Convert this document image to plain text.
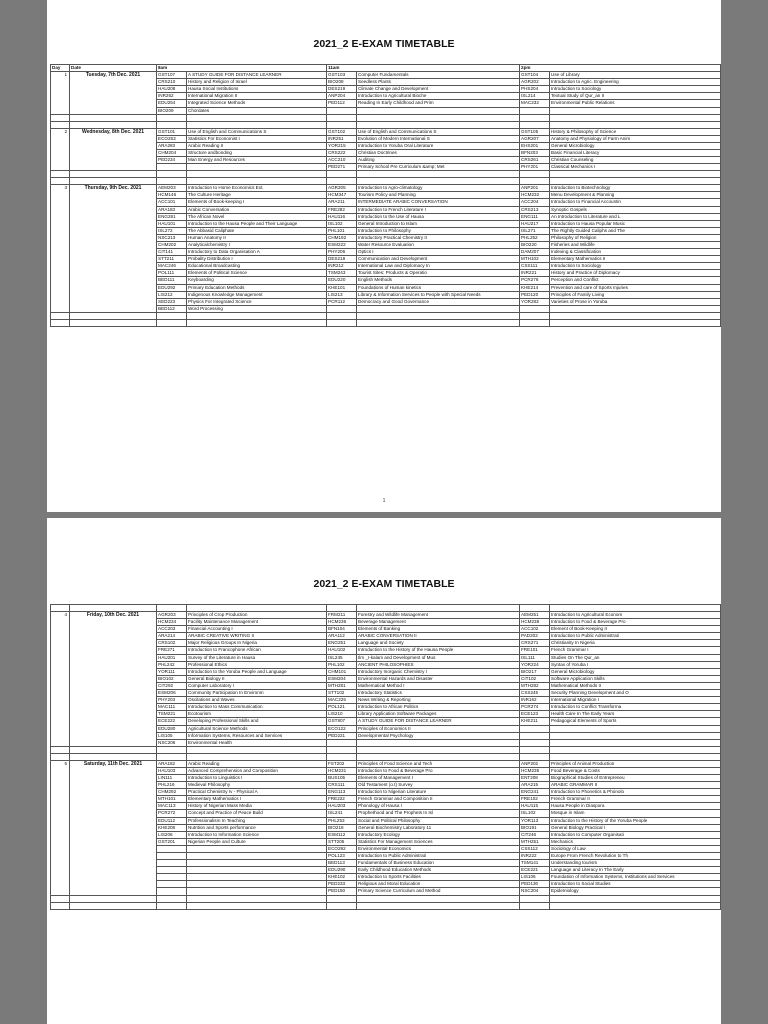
2021_2 E-EXAM TIMETABLE
Day	Date	8am		11am		2pm	
1	Tuesday, 7th Dec. 2021	GST107	A STUDY GUIDE FOR DISTANCE LEARNER	GST103	Computer Fundamentals	GST104	Use of Library
		CRS210	History and Religion of Israel	BIO208	Seedless Plants	AGR202	Introduction to Agric. Engineering
		HAU208	Hausa Social Institutions	DES219	Climate Change and Development	PHS204	Introduction to Sociology
		INR262	International Migration II	ANP204	Introduction to Agricultural Bioche	ISL214	Textual Study of Qur_an II
		EDU254	Integrated Science Methods	PED112	Reading In Early Childhood and Prim	MAC232	Environmental Public Relations
		BIO209	Chordates				

2	Wednesday, 8th Dec. 2021	GST101	Use of English and Communications S	GST102	Use of English and Communications S	GST105	History & Philosophy of Science
		ECO253	Statistics For Economist I	INR251	Evolution of Modern International S	AGR207	Anatomy and Physiology of Farm Anim
		ARA283	Arabic Reading II	YOR215	Introduction to Yoruba Oral Literature	EHS201	General Microbiology
		CHM204	Structure andbonding	CRS222	Christian Doctrines	BFN203	Basic Financial Literacy
		PED234	Man Energy and Resources	ACC210	Auditing	CRS261	Christian Counseling
				PED271	Primary School Pre Curriculum &amp; Met	PHY201	Classical Mechanics I

3	Thursday, 9th Dec. 2021	AEM203	Introduction to Home Economics Ext.	AGR205	Introduction to Agro-climatology	ANP201	Introduction to Biotechnology
		HCM146	The Culture Heritage	HCM347	Tourism Policy and Planning	HCM232	Menu Development & Planning
		ACC101	Elements of Book-keeping I	ARA211	INTERMEDIATE ARABIC CONVERSATION	ACC204	Introduction to Financial Accountin
		ARA183	Arabic Conversation	FRE282	Introduction to French Literature I	CRS213	Synoptic Gospels
		ENG281	The African Novel	HAU116	Introduction to the Use of Hausa	ENG111	An Introduction to Literature and L
		HAU101	Introduction to the Hausa People and Their Language	ISL102	General Introduction to Islam	HAU217	Introduction to Hausa Popular Music
		ISL272	The Abbasid Caliphate	PHL101	Introduction to Philosophy	ISL271	The Rightly Guided Caliphs and The
		NSC213	Human Anatomy II	CHM192	Introductory Practical Chemistry II	PHL252	Philosophy of Religion
		CHM202	Analyticalchemistry I	ESM222	Water Resource Evaluation	BIO220	Fisheries and Wildlife
		CIT141	Introductory to Data Organisation A	PHY206	Optics I	DAM207	Indexing & Classification
		STT211	Probality Distribution I	DES218	Communication and Development	MTH102	Elementary Mathematics II
		MAC246	Educational Broadcasting	INR212	International Law and Diplomacy In	CSS111	Introduction to Sociology
		POL111	Elements of Political Science	TSM243	Tourist Sites: Products & Operatio	INR221	History and Practice of Diplomacy
		BED111	Keyboarding	EDU220	English Methods	PCR276	Perception and Conflict
		EDU292	Primary Education Methods	KHE101	Foundations of Human kinetics	KHE214	Prevention and care of Sports Injuries
		LIS212	Indigenous Knowledge Management	LIS213	Library & Information Services to People with Special Needs	PED120	Principles of Family Living
		SED223	Physics For Integrated Science	PCR112	Democracy and Good Governance	YOR282	Varieties of Prose in Yoruba
		BED112	Word Processing				

1
2021_2 E-EXAM TIMETABLE

4	Friday, 10th Dec. 2021	AGR203	Principles of Crop Production	FRM211	Forestry and Wildlife Management	AEM251	Introduction to Agricultural Econom
		HCM234	Facility Maintenance Management	HCM236	Beverage Management	HCM238	Introduction to Food & Beverage Pro
		ACC203	Financial Accounting I	BFN104	Elements of Banking	ACC102	Element of Book-Keeping II
		ARA214	ARABIC CREATIVE WRITING II	ARA112	ARABIC CONVERSATION II	PAD202	Introduction to Public Administrati
		CRS102	Major Religious Groups In Nigeria	ENG251	Language and Society	CRS271	Christianity In Nigeria
		FRE271	Introduction to Francophone African	HAU102	Introduction to the History of the Hausa People	FRE101	French Grammar I
		HAU201	Survey of the Literature in Hausa	ISL245	Ilm _I-kalam and Development of Mus	ISL111	Studies On The Qur_an
		PHL242	Professional Ethics	PHL102	ANCIENT PHILOSOPHIES	YOR224	Syntax of Yoruba I
		YOR111	Introduction to the Yoruba People and Language	CHM101	Introductory Inorganic Chemistry I	BIO217	General Microbiology
		BIO102	General Biology II	ESM204	Environmental Hazards and Disaster	CIT102	Software Application Skills
		CIT292	Computer Laboratory I	MTH281	Mathematical Method I	MTH282	Mathematical Methods II
		ESM206	Community Participation In Environm	STT102	Introductory Statistics	CSS245	Security Planning Development and O
		PHY203	Oscilations and Waves	MAC225	News Writing & Reporting	INR162	International Migration I
		MAC111	Introduction to Mass Communication	POL121	Introduction to African Politics	PCR274	Introduction to Conflict Transforma
		TSM221	Ecotourism	LIS210	Library Application Software Packages	ECE123	Health Care In The Early Years
		ECE222	Developing Professional Skills and	GST807	A STUDY GUIDE FOR DISTANCE LEARNER	KHE211	Pedagogical Elements of Sports
		EDU280	Agricultural Science Methods	ECO122	Principles of Economics II		
		LIS105	Information Systems, Resources and Services	PED221	Developmental Psychology		
		NSC206	Environmental Health				

5	Saturday, 11th Dec. 2021	ARA182	Arabic Reading	FST202	Principles of Food Science and Tech	ANP202	Principles of Animal Production
		HAU103	Advanced Comprehension and Composition	HCM231	Introduction to Food & Beverage Pro	HCM235	Food Beverage & Costs
		LIN111	Introduction to Linguistics I	BUS105	Elements of Management I	ENT208	Biographical Studies of Entrepreneu
		PHL216	Medieval Philosophy	CRS111	Old Testament (o.t) Survey	ARA215	ARABIC GRAMMAR II
		CHM292	Practical Chemistry Iv - Physical A	ENG113	Introduction to Nigerian Literature	ENG241	Introduction to Phonetics & Phonolo
		MTH101	Elementary Mathematics I	FRE222	French Grammar and Composition II	FRE102	French Grammar II
		MAC113	History of Nigerian Mass Media	HAU203	Phonology of Hausa I	HAU115	Hausa People in Diaspora
		PCR272	Concept and Practice of Peace Build	ISL241	Prophethood and The Prophets In Isl	ISL102	Mosque in Islam
		EDU112	Professionalism In Teaching	PHL253	Social and Political Philosophy	YOR113	Introduction to the History of the Yoruba People
		KHE208	Nutrition and Sports performance	BIO218	General Biochemistry Laboratory 11	BIO191	General Biology Practical I
		LIS206	Introduction to Information Science	ESM112	Introductory Ecology	CIT246	Introduction to Computer Organisati
		GST201	Nigerian People and Culture	STT205	Statistics For Management Sciences	MTH251	Mechanics
				ECO292	Environmental Economics	CSS112	Sociology of Law
				POL123	Introduction to Public Administrati	INR222	Europe From French Revolution to Th
				BED113	Fundamentals of Business Education	TSM141	Understanding tourism
				EDU290	Early Childhood Education Methods	ECE221	Language and Literacy In The Early
				KHE102	Introduction to Sports Facilities	LIS106	Foundation of Information Systems, Institutions and Services
				PED233	Religious and Moral Education	PED130	Introduction to Social Studies
				PED150	Primary Science Curriculum and Method	NSC204	Epidemiology
